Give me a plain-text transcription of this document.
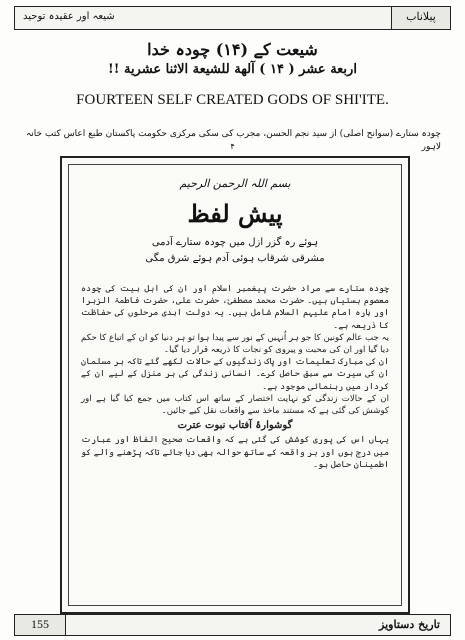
پیلاناب
شیعہ اور عقیدہ توحید
شیعت کے (۱۴) چودہ خدا
اربعة عشر ( ۱۴ ) آلهة للشيعة الاثنا عشرية !!
FOURTEEN SELF CREATED GODS OF SHI'ITE.
چودہ ستارے (سوانح اصلی) از سید نجم الحسن، مجرب کی سکی مرکزی حکومت پاکستان طبع اعاس کتب خانہ لاہور
۴
بسم اللہ الرحمن الرحیم
پیش لفظ
ہوئے رہ گزر ازل میں چودہ ستارے آدمی
مشرقی شرقاب ہوئی آدم ہوئے شرق مگی

چودہ ستارے سے مراد حضرت پیغمبر اسلام اور ان کی اہل بیت کی چودہ معصوم ہستیاں ہیں۔ حضرت محمد مصطفیٰ، حضرت علی، حضرت فاطمۃ الزہرا اور بارہ امام علیہم السلام شامل ہیں۔ یہ دولت ابدی مرحلوں کی حفاظت کا ذریعہ ہے۔

یہ جب عالم کونین کا جو ہر اُنہیں کے نور سے پیدا ہوا تو ہر دنیا کو ان کے اتباع کا حکم دیا گیا اور ان کی محبت و پیروی کو نجات کا ذریعہ قرار دیا گیا۔

ان کی مبارک تعلیمات اور پاک زندگیوں کے حالات لکھے گئے تاکہ ہر مسلمان ان کی سیرت سے سبق حاصل کرے۔ انسانی زندگی کی ہر منزل کے لیے ان کے کردار میں رہنمائی موجود ہے۔

ان کے حالات زندگی کو نہایت اختصار کے ساتھ اس کتاب میں جمع کیا گیا ہے اور کوشش کی گئی ہے کہ مستند ماخذ سے واقعات نقل کیے جائیں۔

گوشوارۂ آفتاب نبوت عترت

یہاں اس کی پوری کوشش کی گئی ہے کہ واقعات صحیح الفاظ اور عبارت میں درج ہوں اور ہر واقعہ کے ساتھ حوالہ بھی دیا جائے تاکہ پڑھنے والے کو اطمینان حاصل ہو۔

155	تاریخ دستاویز
